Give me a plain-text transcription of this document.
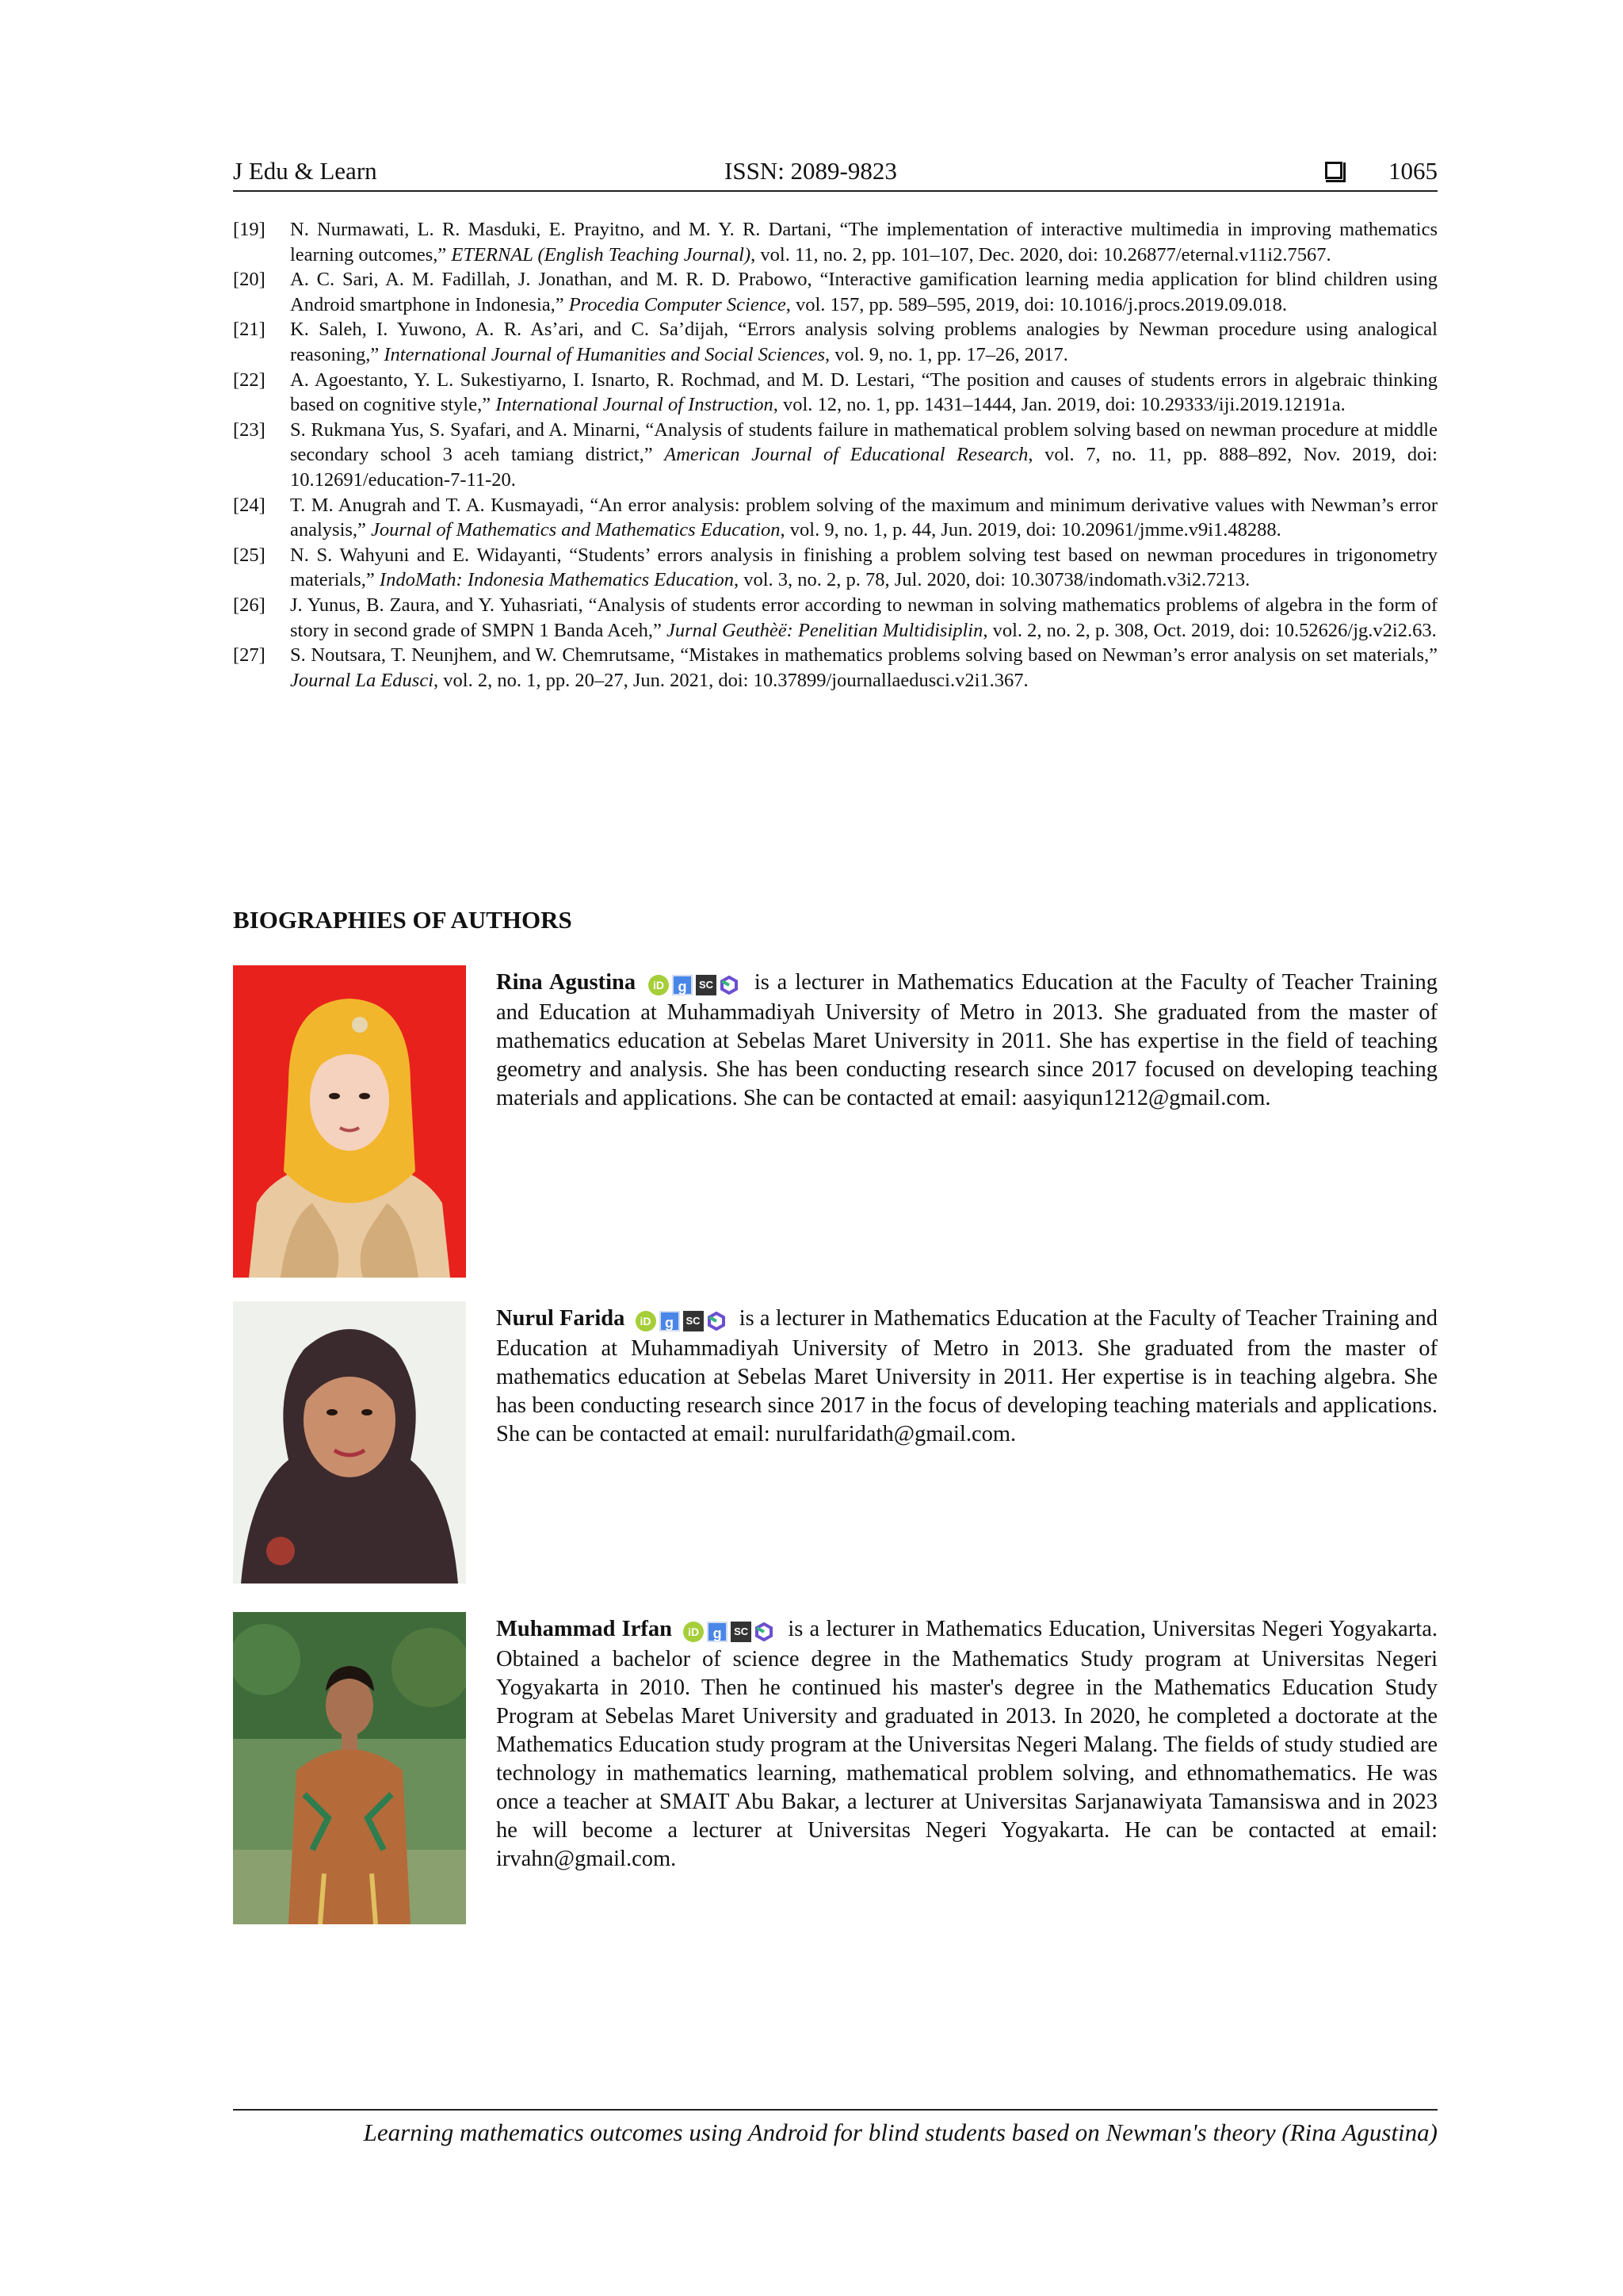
J Edu & Learn	ISSN: 2089-9823	1065
[19] N. Nurmawati, L. R. Masduki, E. Prayitno, and M. Y. R. Dartani, “The implementation of interactive multimedia in improving mathematics learning outcomes,” ETERNAL (English Teaching Journal), vol. 11, no. 2, pp. 101–107, Dec. 2020, doi: 10.26877/eternal.v11i2.7567.
[20] A. C. Sari, A. M. Fadillah, J. Jonathan, and M. R. D. Prabowo, “Interactive gamification learning media application for blind children using Android smartphone in Indonesia,” Procedia Computer Science, vol. 157, pp. 589–595, 2019, doi: 10.1016/j.procs.2019.09.018.
[21] K. Saleh, I. Yuwono, A. R. As’ari, and C. Sa’dijah, “Errors analysis solving problems analogies by Newman procedure using analogical reasoning,” International Journal of Humanities and Social Sciences, vol. 9, no. 1, pp. 17–26, 2017.
[22] A. Agoestanto, Y. L. Sukestiyarno, I. Isnarto, R. Rochmad, and M. D. Lestari, “The position and causes of students errors in algebraic thinking based on cognitive style,” International Journal of Instruction, vol. 12, no. 1, pp. 1431–1444, Jan. 2019, doi: 10.29333/iji.2019.12191a.
[23] S. Rukmana Yus, S. Syafari, and A. Minarni, “Analysis of students failure in mathematical problem solving based on newman procedure at middle secondary school 3 aceh tamiang district,” American Journal of Educational Research, vol. 7, no. 11, pp. 888–892, Nov. 2019, doi: 10.12691/education-7-11-20.
[24] T. M. Anugrah and T. A. Kusmayadi, “An error analysis: problem solving of the maximum and minimum derivative values with Newman’s error analysis,” Journal of Mathematics and Mathematics Education, vol. 9, no. 1, p. 44, Jun. 2019, doi: 10.20961/jmme.v9i1.48288.
[25] N. S. Wahyuni and E. Widayanti, “Students’ errors analysis in finishing a problem solving test based on newman procedures in trigonometry materials,” IndoMath: Indonesia Mathematics Education, vol. 3, no. 2, p. 78, Jul. 2020, doi: 10.30738/indomath.v3i2.7213.
[26] J. Yunus, B. Zaura, and Y. Yuhasriati, “Analysis of students error according to newman in solving mathematics problems of algebra in the form of story in second grade of SMPN 1 Banda Aceh,” Jurnal Geuthèë: Penelitian Multidisiplin, vol. 2, no. 2, p. 308, Oct. 2019, doi: 10.52626/jg.v2i2.63.
[27] S. Noutsara, T. Neunjhem, and W. Chemrutsame, “Mistakes in mathematics problems solving based on Newman’s error analysis on set materials,” Journal La Edusci, vol. 2, no. 1, pp. 20–27, Jun. 2021, doi: 10.37899/journallaedusci.v2i1.367.
BIOGRAPHIES OF AUTHORS
Rina Agustina iD g SC is a lecturer in Mathematics Education at the Faculty of Teacher Training and Education at Muhammadiyah University of Metro in 2013. She graduated from the master of mathematics education at Sebelas Maret University in 2011. She has expertise in the field of teaching geometry and analysis. She has been conducting research since 2017 focused on developing teaching materials and applications. She can be contacted at email: aasyiqun1212@gmail.com.
Nurul Farida iD g SC is a lecturer in Mathematics Education at the Faculty of Teacher Training and Education at Muhammadiyah University of Metro in 2013. She graduated from the master of mathematics education at Sebelas Maret University in 2011. Her expertise is in teaching algebra. She has been conducting research since 2017 in the focus of developing teaching materials and applications. She can be contacted at email: nurulfaridath@gmail.com.
Muhammad Irfan iD g SC is a lecturer in Mathematics Education, Universitas Negeri Yogyakarta. Obtained a bachelor of science degree in the Mathematics Study program at Universitas Negeri Yogyakarta in 2010. Then he continued his master's degree in the Mathematics Education Study Program at Sebelas Maret University and graduated in 2013. In 2020, he completed a doctorate at the Mathematics Education study program at the Universitas Negeri Malang. The fields of study studied are technology in mathematics learning, mathematical problem solving, and ethnomathematics. He was once a teacher at SMAIT Abu Bakar, a lecturer at Universitas Sarjanawiyata Tamansiswa and in 2023 he will become a lecturer at Universitas Negeri Yogyakarta. He can be contacted at email: irvahn@gmail.com.
Learning mathematics outcomes using Android for blind students based on Newman's theory (Rina Agustina)
